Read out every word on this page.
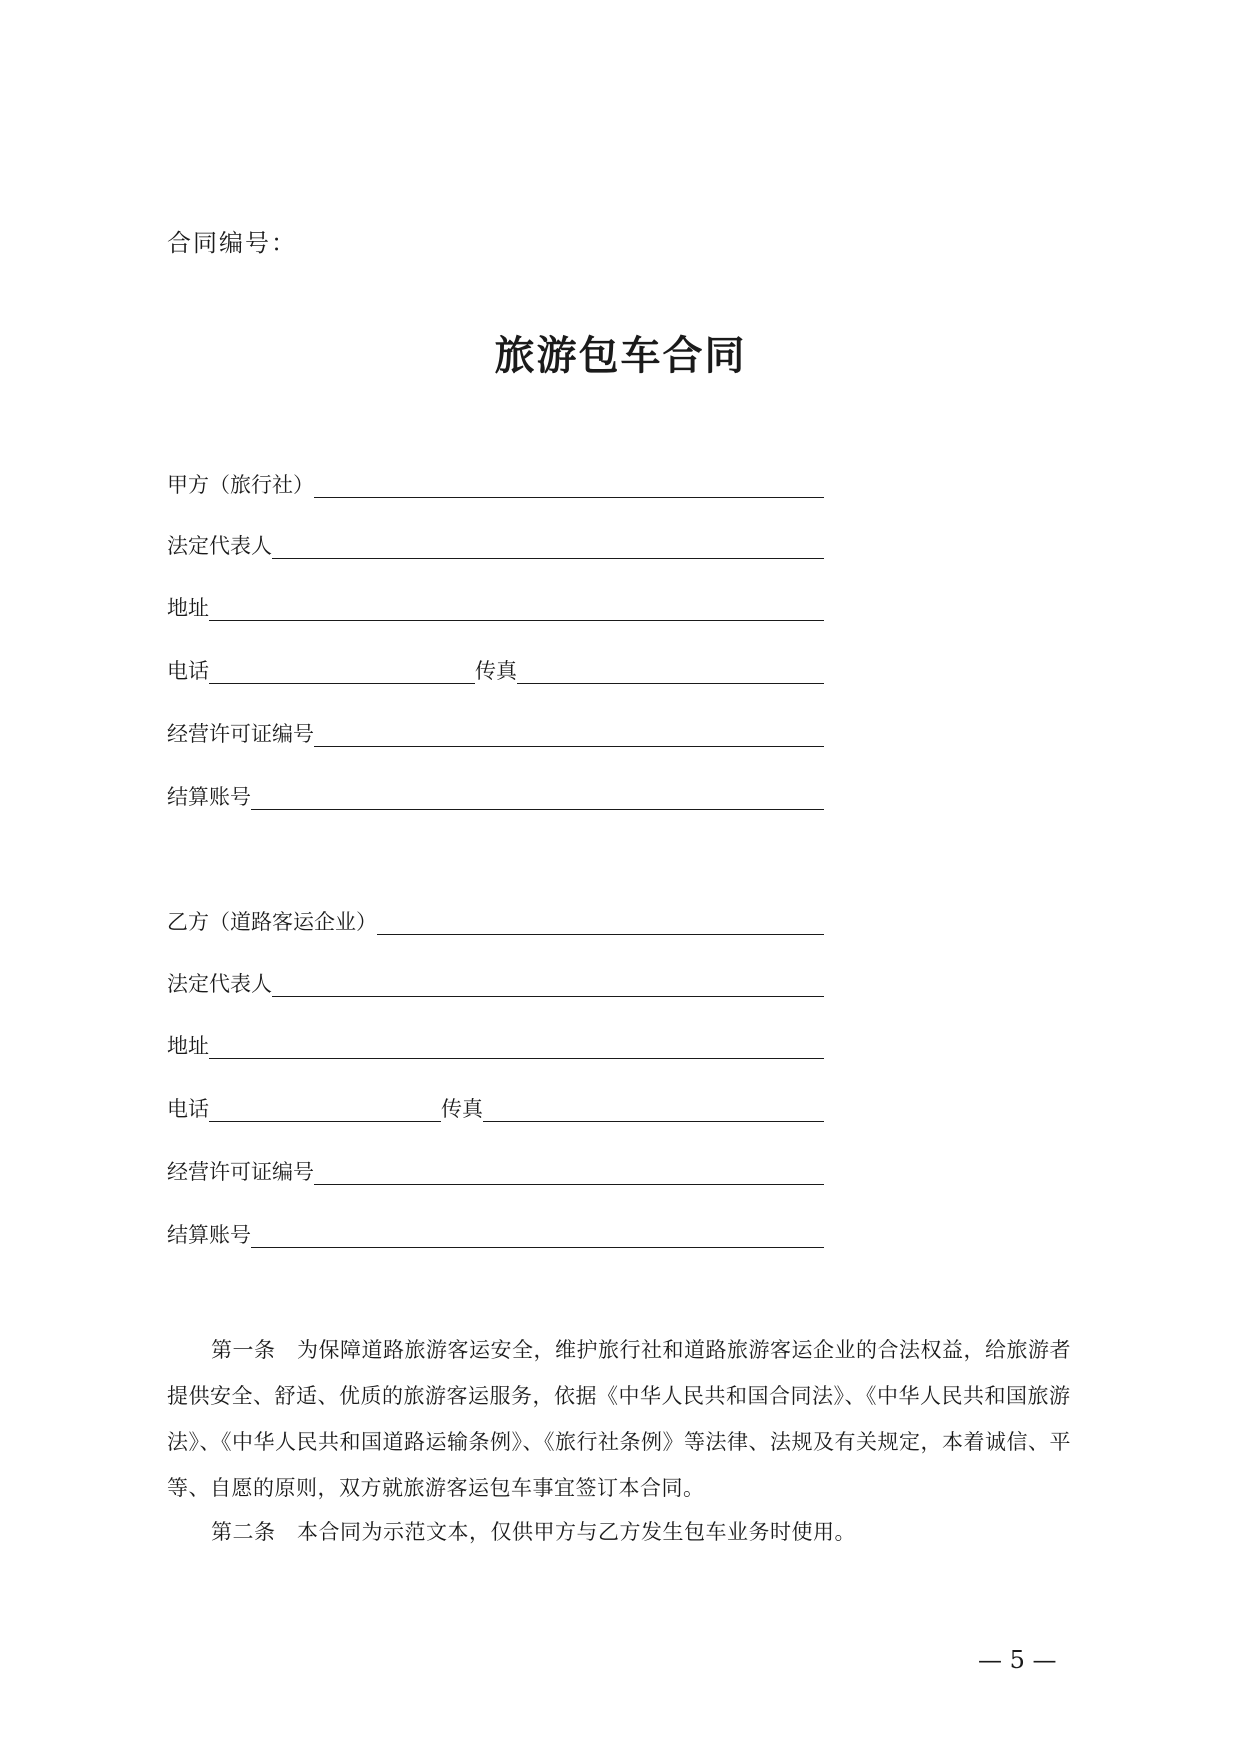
合同编号：
旅游包车合同
甲方（旅行社）
法定代表人
地址
电话	传真
经营许可证编号
结算账号
乙方（道路客运企业）
法定代表人
地址
电话	传真
经营许可证编号
结算账号

第一条　为保障道路旅游客运安全，维护旅行社和道路旅游客运企业的合法权益，给旅游者提供安全、舒适、优质的旅游客运服务，依据《中华人民共和国合同法》、《中华人民共和国旅游法》、《中华人民共和国道路运输条例》、《旅行社条例》等法律、法规及有关规定，本着诚信、平等、自愿的原则，双方就旅游客运包车事宜签订本合同。

第二条　本合同为示范文本，仅供甲方与乙方发生包车业务时使用。

— 5 —
